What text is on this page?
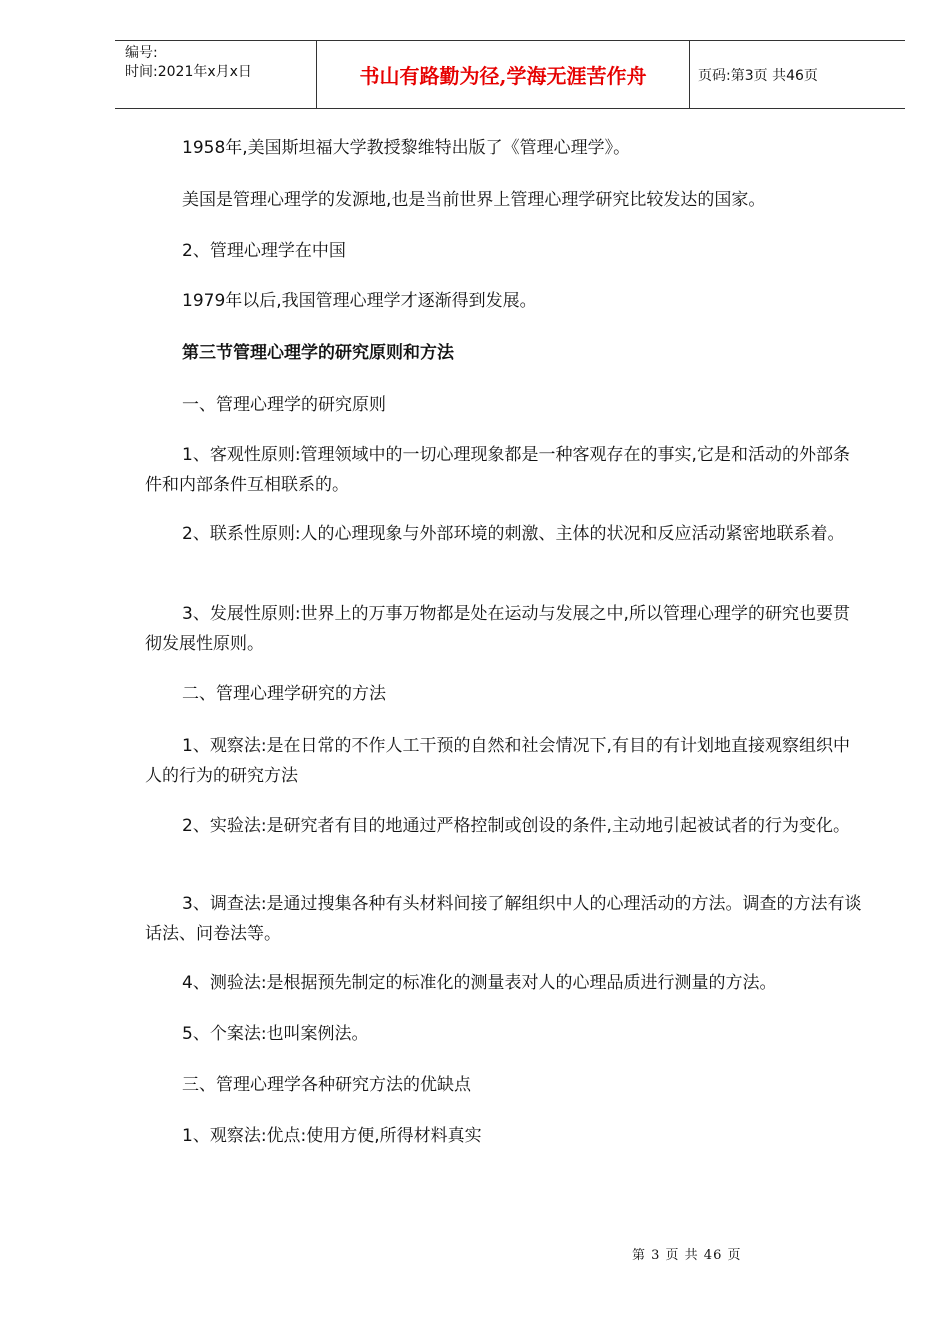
编号:
时间:2021年x月x日	书山有路勤为径,学海无涯苦作舟	页码:第3页 共46页

1958年,美国斯坦福大学教授黎维特出版了《管理心理学》。

美国是管理心理学的发源地,也是当前世界上管理心理学研究比较发达的国家。

2、管理心理学在中国

1979年以后,我国管理心理学才逐渐得到发展。

第三节管理心理学的研究原则和方法

一、管理心理学的研究原则

1、客观性原则:管理领域中的一切心理现象都是一种客观存在的事实,它是和活动的外部条件和内部条件互相联系的。

2、联系性原则:人的心理现象与外部环境的刺激、主体的状况和反应活动紧密地联系着。

3、发展性原则:世界上的万事万物都是处在运动与发展之中,所以管理心理学的研究也要贯彻发展性原则。

二、管理心理学研究的方法

1、观察法:是在日常的不作人工干预的自然和社会情况下,有目的有计划地直接观察组织中人的行为的研究方法

2、实验法:是研究者有目的地通过严格控制或创设的条件,主动地引起被试者的行为变化。

3、调查法:是通过搜集各种有头材料间接了解组织中人的心理活动的方法。调查的方法有谈话法、问卷法等。

4、测验法:是根据预先制定的标准化的测量表对人的心理品质进行测量的方法。

5、个案法:也叫案例法。

三、管理心理学各种研究方法的优缺点

1、观察法:优点:使用方便,所得材料真实

第 3 页 共 46 页
